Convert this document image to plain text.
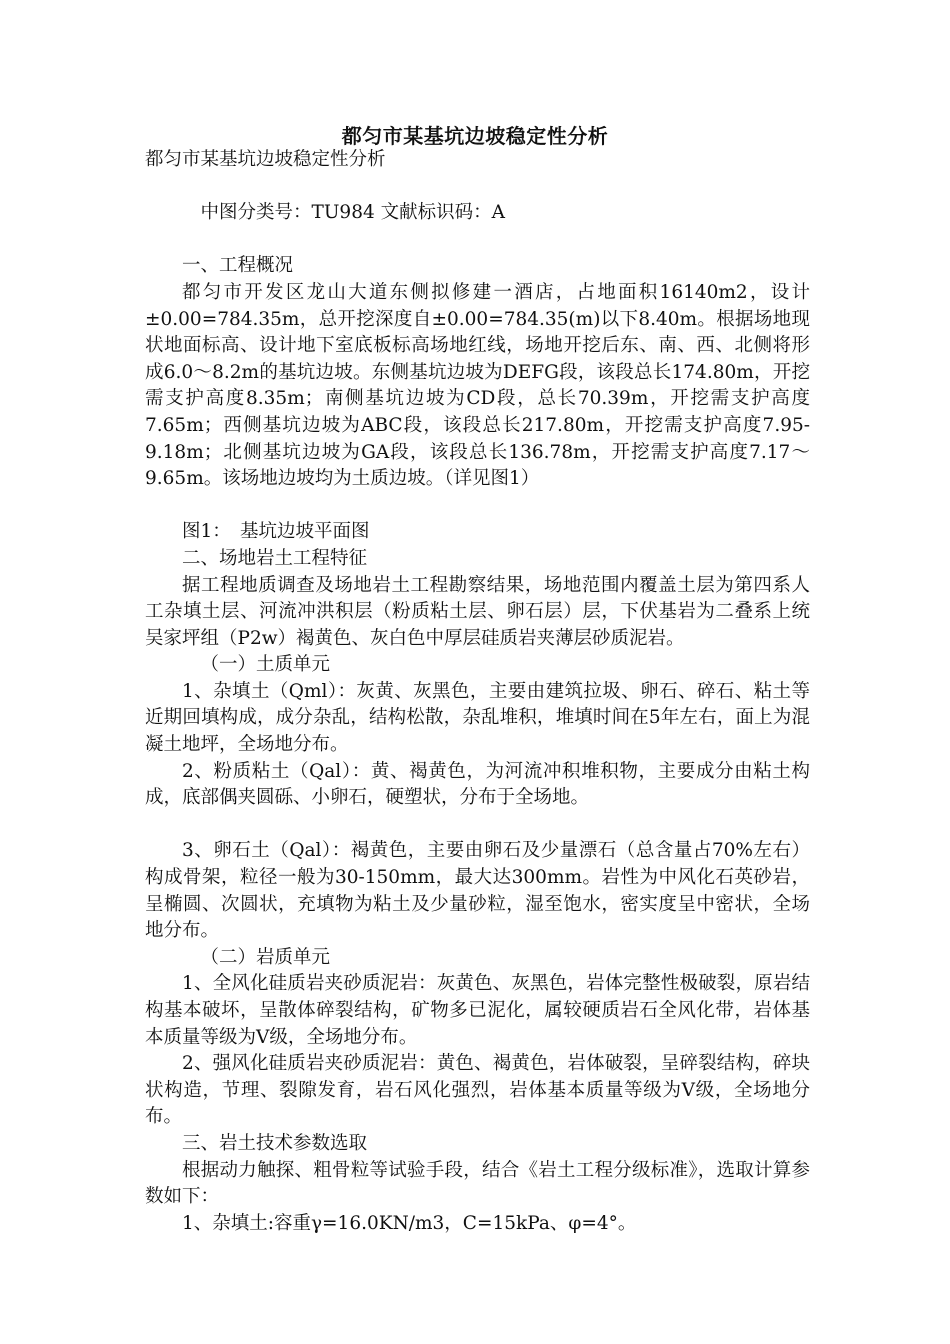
都匀市某基坑边坡稳定性分析

都匀市某基坑边坡稳定性分析

中图分类号：TU984 文献标识码：A

一、工程概况

都匀市开发区龙山大道东侧拟修建一酒店，占地面积16140m2，设计±0.00=784.35m，总开挖深度自±0.00=784.35(m)以下8.40m。根据场地现状地面标高、设计地下室底板标高场地红线，场地开挖后东、南、西、北侧将形成6.0～8.2m的基坑边坡。东侧基坑边坡为DEFG段，该段总长174.80m，开挖需支护高度8.35m；南侧基坑边坡为CD段，总长70.39m，开挖需支护高度7.65m；西侧基坑边坡为ABC段，该段总长217.80m，开挖需支护高度7.95-9.18m；北侧基坑边坡为GA段，该段总长136.78m，开挖需支护高度7.17～9.65m。该场地边坡均为土质边坡。（详见图1）

图1：　基坑边坡平面图

二、场地岩土工程特征

据工程地质调查及场地岩土工程勘察结果，场地范围内覆盖土层为第四系人工杂填土层、河流冲洪积层（粉质粘土层、卵石层）层，下伏基岩为二叠系上统吴家坪组（P2w）褐黄色、灰白色中厚层硅质岩夹薄层砂质泥岩。

（一）土质单元

1、杂填土（Qml）：灰黄、灰黑色，主要由建筑拉圾、卵石、碎石、粘土等近期回填构成，成分杂乱，结构松散，杂乱堆积，堆填时间在5年左右，面上为混凝土地坪，全场地分布。

2、粉质粘土（Qal）：黄、褐黄色，为河流冲积堆积物，主要成分由粘土构成，底部偶夹圆砾、小卵石，硬塑状，分布于全场地。

3、卵石土（Qal）：褐黄色，主要由卵石及少量漂石（总含量占70%左右）构成骨架，粒径一般为30-150mm，最大达300mm。岩性为中风化石英砂岩，呈椭圆、次圆状，充填物为粘土及少量砂粒，湿至饱水，密实度呈中密状，全场地分布。

（二）岩质单元

1、全风化硅质岩夹砂质泥岩：灰黄色、灰黑色，岩体完整性极破裂，原岩结构基本破坏，呈散体碎裂结构，矿物多已泥化，属较硬质岩石全风化带，岩体基本质量等级为Ⅴ级，全场地分布。

2、强风化硅质岩夹砂质泥岩：黄色、褐黄色，岩体破裂，呈碎裂结构，碎块状构造，节理、裂隙发育，岩石风化强烈，岩体基本质量等级为Ⅴ级，全场地分布。

三、岩土技术参数选取

根据动力触探、粗骨粒等试验手段，结合《岩土工程分级标准》，选取计算参数如下：

1、杂填土:容重γ=16.0KN/m3，C=15kPa、φ=4°。
